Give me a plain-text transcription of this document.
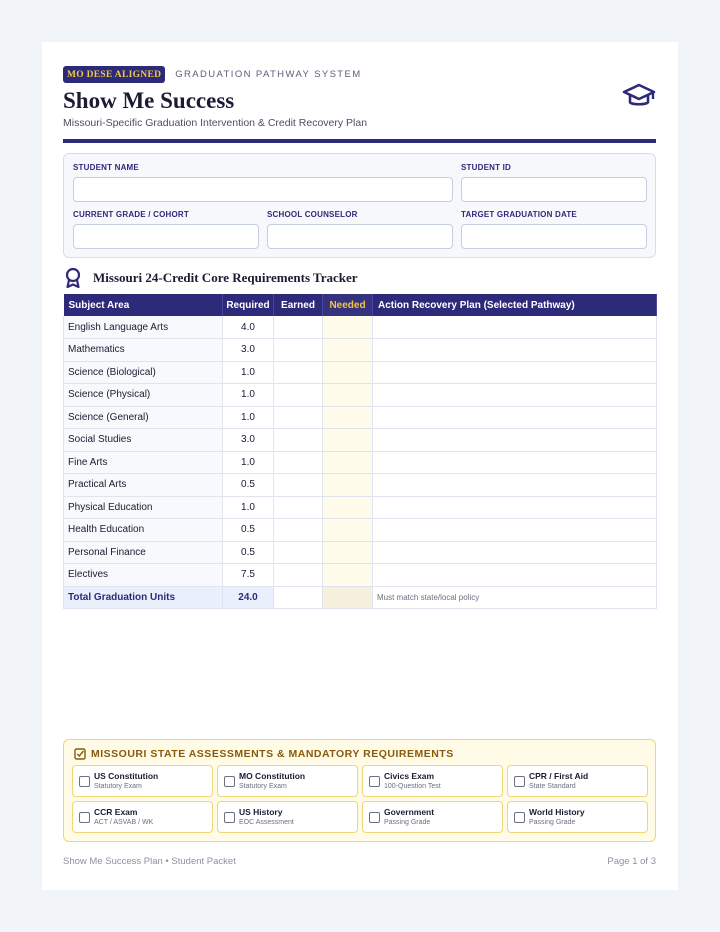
MO DESE ALIGNED	GRADUATION PATHWAY SYSTEM
Show Me Success
Missouri-Specific Graduation Intervention & Credit Recovery Plan
STUDENT NAME	STUDENT ID
CURRENT GRADE / COHORT	SCHOOL COUNSELOR	TARGET GRADUATION DATE
Missouri 24-Credit Core Requirements Tracker
Subject Area	Required	Earned	Needed	Action Recovery Plan (Selected Pathway)
English Language Arts	4.0			
Mathematics	3.0			
Science (Biological)	1.0			
Science (Physical)	1.0			
Science (General)	1.0			
Social Studies	3.0			
Fine Arts	1.0			
Practical Arts	0.5			
Physical Education	1.0			
Health Education	0.5			
Personal Finance	0.5			
Electives	7.5			
Total Graduation Units	24.0			Must match state/local policy
MISSOURI STATE ASSESSMENTS & MANDATORY REQUIREMENTS
US Constitution
Statutory Exam
MO Constitution
Statutory Exam
Civics Exam
100-Question Test
CPR / First Aid
State Standard
CCR Exam
ACT / ASVAB / WK
US History
EOC Assessment
Government
Passing Grade
World History
Passing Grade
Show Me Success Plan • Student Packet	Page 1 of 3
